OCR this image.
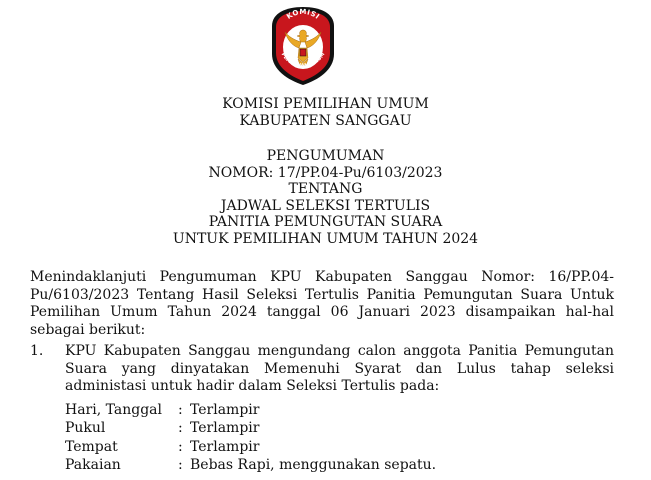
KOMISI
PEMILIHAN UMUM
KOMISI PEMILIHAN UMUM
KABUPATEN SANGGAU
PENGUMUMAN
NOMOR: 17/PP.04-Pu/6103/2023
TENTANG
JADWAL SELEKSI TERTULIS
PANITIA PEMUNGUTAN SUARA
UNTUK PEMILIHAN UMUM TAHUN 2024

Menindaklanjuti Pengumuman KPU Kabupaten Sanggau Nomor: 16/PP.04-Pu/6103/2023 Tentang Hasil Seleksi Tertulis Panitia Pemungutan Suara Untuk Pemilihan Umum Tahun 2024 tanggal 06 Januari 2023 disampaikan hal-hal sebagai berikut:

1. KPU Kabupaten Sanggau mengundang calon anggota Panitia Pemungutan Suara yang dinyatakan Memenuhi Syarat dan Lulus tahap seleksi administasi untuk hadir dalam Seleksi Tertulis pada:
Hari, Tanggal	: Terlampir
Pukul	: Terlampir
Tempat	: Terlampir
Pakaian	: Bebas Rapi, menggunakan sepatu.
